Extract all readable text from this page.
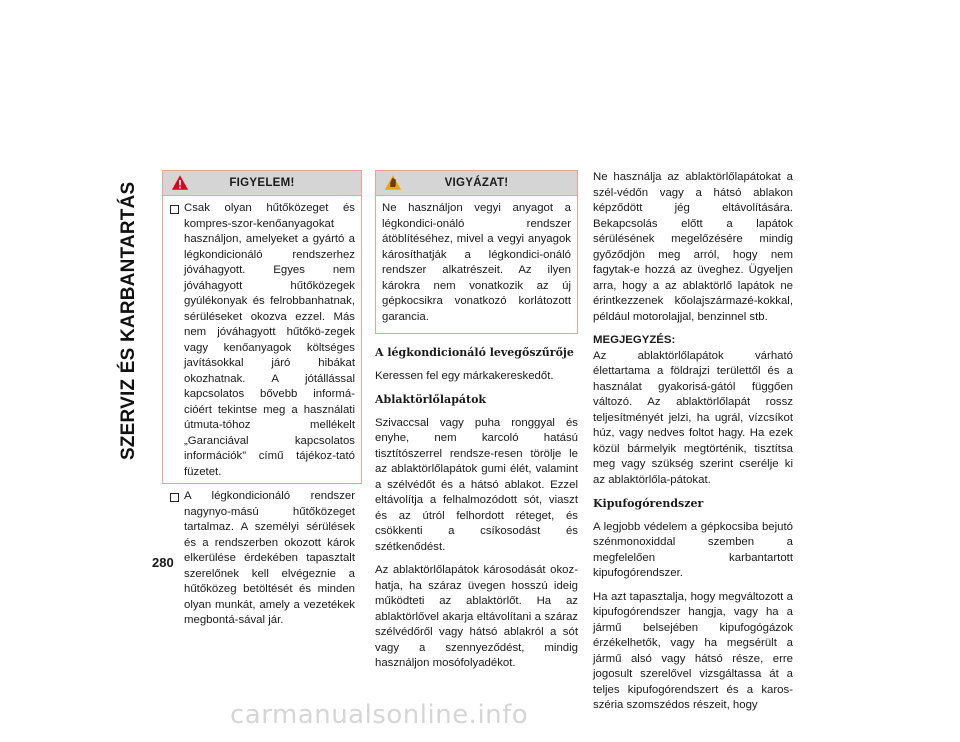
SZERVIZ ÉS KARBANTARTÁS
280
FIGYELEM!
Csak olyan hűtőközeget és kompres-szor-kenőanyagokat használjon, amelyeket a gyártó a légkondicionáló rendszerhez jóváhagyott. Egyes nem jóváhagyott hűtőközegek gyúlékonyak és felrobbanhatnak, sérüléseket okozva ezzel. Más nem jóváhagyott hűtőkö-zegek vagy kenőanyagok költséges javításokkal járó hibákat okozhatnak. A jótállással kapcsolatos bővebb informá-cióért tekintse meg a használati útmuta-tóhoz mellékelt „Garanciával kapcsolatos információk” című tájékoz-tató füzetet.
A légkondicionáló rendszer nagynyo-mású hűtőközeget tartalmaz. A személyi sérülések és a rendszerben okozott károk elkerülése érdekében tapasztalt szerelőnek kell elvégeznie a hűtőközeg betöltését és minden olyan munkát, amely a vezetékek megbontá-sával jár.
VIGYÁZAT!
Ne használjon vegyi anyagot a légkondici-onáló rendszer átöblítéséhez, mivel a vegyi anyagok károsíthatják a légkondici-onáló rendszer alkatrészeit. Az ilyen károkra nem vonatkozik az új gépkocsikra vonatkozó korlátozott garancia.
A légkondicionáló levegőszűrője

Keressen fel egy márkakereskedőt.

Ablaktörlőlapátok

Szivaccsal vagy puha ronggyal és enyhe, nem karcoló hatású tisztítószerrel rendsze-resen törölje le az ablaktörlőlapátok gumi élét, valamint a szélvédőt és a hátsó ablakot. Ezzel eltávolítja a felhalmozódott sót, viaszt és az útról felhordott réteget, és csökkenti a csíkosodást és szétkenődést.

Az ablaktörlőlapátok károsodását okoz-hatja, ha száraz üvegen hosszú ideig működteti az ablaktörlőt. Ha az ablaktörlővel akarja eltávolítani a száraz szélvédőről vagy hátsó ablakról a sót vagy a szennyeződést, mindig használjon mosófolyadékot.

Ne használja az ablaktörlőlapátokat a szél-védőn vagy a hátsó ablakon képződött jég eltávolítására. Bekapcsolás előtt a lapátok sérülésének megelőzésére mindig győződjön meg arról, hogy nem fagytak-e hozzá az üveghez. Ügyeljen arra, hogy a az ablaktörlő lapátok ne érintkezzenek kőolajszármazé-kokkal, például motorolajjal, benzinnel stb.

MEGJEGYZÉS:

Az ablaktörlőlapátok várható élettartama a földrajzi területtől és a használat gyakorisá-gától függően változó. Az ablaktörlőlapát rossz teljesítményét jelzi, ha ugrál, vízcsíkot húz, vagy nedves foltot hagy. Ha ezek közül bármelyik megtörténik, tisztítsa meg vagy szükség szerint cserélje ki az ablaktörlőla-pátokat.

Kipufogórendszer

A legjobb védelem a gépkocsiba bejutó szénmonoxiddal szemben a megfelelően karbantartott kipufogórendszer.

Ha azt tapasztalja, hogy megváltozott a kipufogórendszer hangja, vagy ha a jármű belsejében kipufogógázok érzékelhetők, vagy ha megsérült a jármű alsó vagy hátsó része, erre jogosult szerelővel vizsgáltassa át a teljes kipufogórendszert és a karos-széria szomszédos részeit, hogy

carmanualsonline.info
